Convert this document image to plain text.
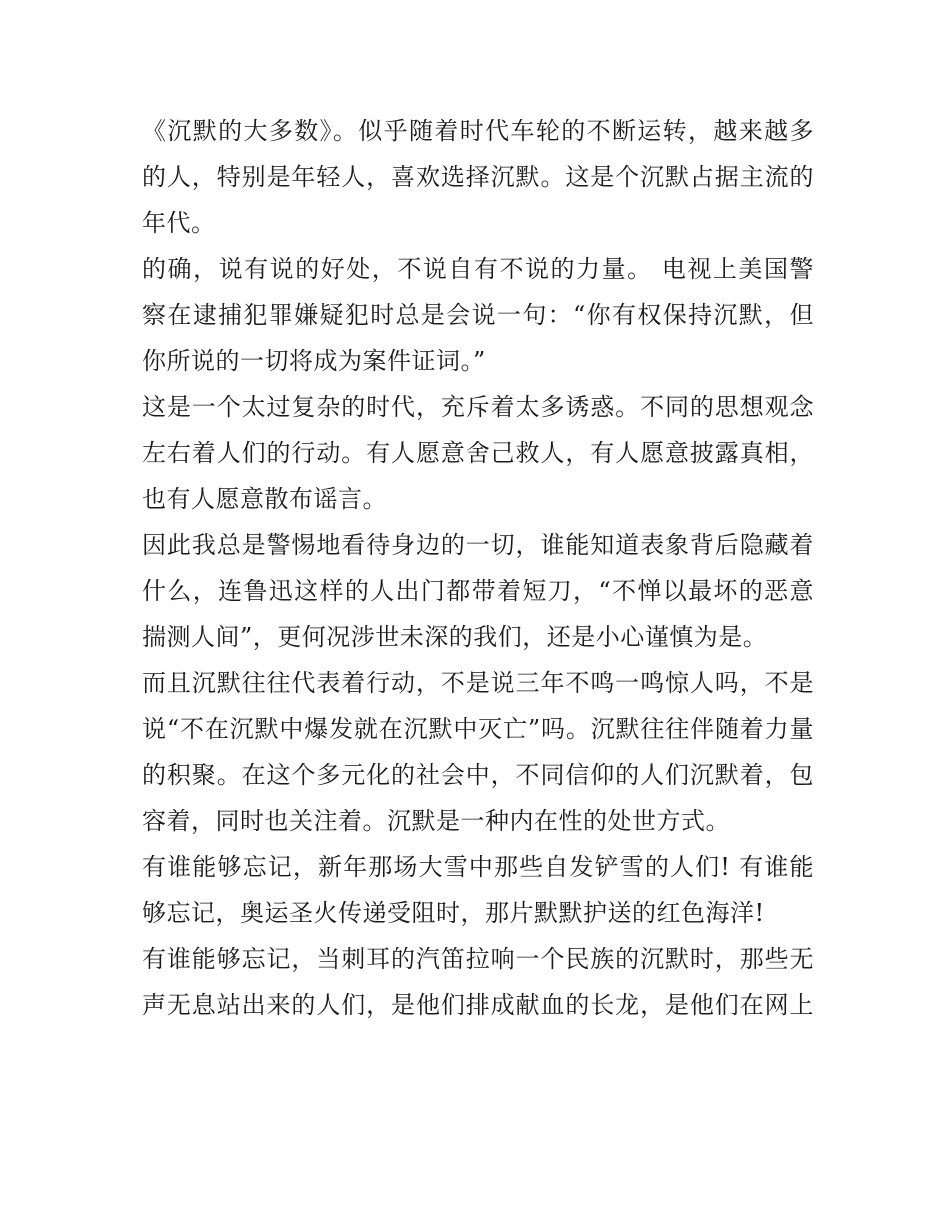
《沉默的大多数》。似乎随着时代车轮的不断运转，越来越多
的人，特别是年轻人，喜欢选择沉默。这是个沉默占据主流的
年代。
的确，说有说的好处，不说自有不说的力量。 电视上美国警
察在逮捕犯罪嫌疑犯时总是会说一句：“你有权保持沉默，但
你所说的一切将成为案件证词。”
这是一个太过复杂的时代，充斥着太多诱惑。不同的思想观念
左右着人们的行动。有人愿意舍己救人，有人愿意披露真相，
也有人愿意散布谣言。
因此我总是警惕地看待身边的一切，谁能知道表象背后隐藏着
什么，连鲁迅这样的人出门都带着短刀，“不惮以最坏的恶意
揣测人间”，更何况涉世未深的我们，还是小心谨慎为是。
而且沉默往往代表着行动，不是说三年不鸣一鸣惊人吗，不是
说“不在沉默中爆发就在沉默中灭亡”吗。沉默往往伴随着力量
的积聚。在这个多元化的社会中，不同信仰的人们沉默着，包
容着，同时也关注着。沉默是一种内在性的处世方式。
有谁能够忘记，新年那场大雪中那些自发铲雪的人们! 有谁能
够忘记，奥运圣火传递受阻时，那片默默护送的红色海洋!
有谁能够忘记，当刺耳的汽笛拉响一个民族的沉默时，那些无
声无息站出来的人们，是他们排成献血的长龙，是他们在网上
